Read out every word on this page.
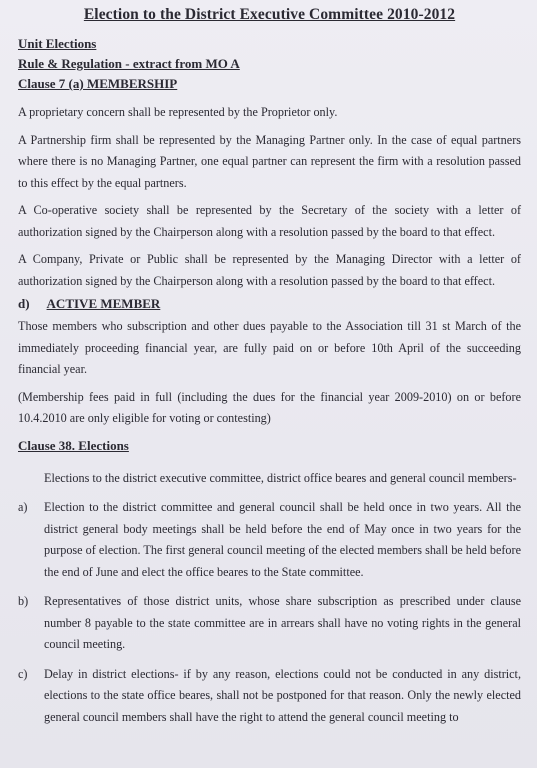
Election to the District Executive Committee 2010-2012
Unit Elections
Rule & Regulation - extract from MO A
Clause 7 (a) MEMBERSHIP

A proprietary concern shall be represented by the Proprietor only.

A Partnership firm shall be represented by the Managing Partner only. In the case of equal partners where there is no Managing Partner, one equal partner can represent the firm with a resolution passed to this effect by the equal partners.

A Co-operative society shall be represented by the Secretary of the society with a letter of authorization signed by the Chairperson along with a resolution passed by the board to that effect.

A Company, Private or Public shall be represented by the Managing Director with a letter of authorization signed by the Chairperson along with a resolution passed by the board to that effect.

d) ACTIVE MEMBER

Those members who subscription and other dues payable to the Association till 31 st March of the immediately proceeding financial year, are fully paid on or before 10th April of the succeeding financial year.

(Membership fees paid in full (including the dues for the financial year 2009-2010) on or before 10.4.2010 are only eligible for voting or contesting)

Clause 38. Elections

Elections to the district executive committee, district office beares and general council members-

a)	Election to the district committee and general council shall be held once in two years. All the district general body meetings shall be held before the end of May once in two years for the purpose of election. The first general council meeting of the elected members shall be held before the end of June and elect the office beares to the State committee.

b)	Representatives of those district units, whose share subscription as prescribed under clause number 8 payable to the state committee are in arrears shall have no voting rights in the general council meeting.

c)	Delay in district elections- if by any reason, elections could not be conducted in any district, elections to the state office beares, shall not be postponed for that reason. Only the newly elected general council members shall have the right to attend the general council meeting to
